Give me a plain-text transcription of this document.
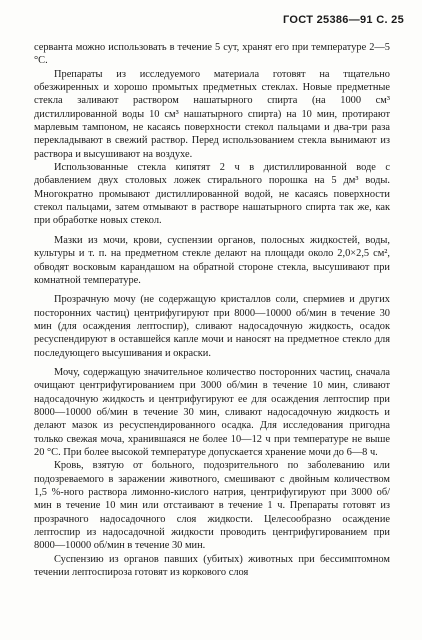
ГОСТ 25386—91 С. 25

серванта можно использовать в течение 5 сут, хранят его при температуре 2—5 °С.

Препараты из исследуемого материала готовят на тщательно обезжиренных и хорошо промытых предметных стеклах. Новые предметные стекла заливают раствором нашатырного спирта (на 1000 см³ дистиллированной воды 10 см³ нашатырного спирта) на 10 мин, протирают марлевым тампоном, не касаясь поверхности стекол пальцами и два-три раза перекладывают в свежий раствор. Перед использованием стекла вынимают из раствора и высушивают на воздухе.

Использованные стекла кипятят 2 ч в дистиллированной воде с добавлением двух столовых ложек стирального порошка на 5 дм³ воды. Многократно промывают дистиллированной водой, не касаясь поверхности стекол пальцами, затем отмывают в растворе нашатырного спирта так же, как при обработке новых стекол.

Мазки из мочи, крови, суспензии органов, полосных жидкостей, воды, культуры и т. п. на предметном стекле делают на площади около 2,0×2,5 см², обводят восковым карандашом на обратной стороне стекла, высушивают при комнатной температуре.

Прозрачную мочу (не содержащую кристаллов соли, спермиев и других посторонних частиц) центрифугируют при 8000—10000 об/мин в течение 30 мин (для осаждения лептоспир), сливают надосадочную жидкость, осадок ресуспендируют в оставшейся капле мочи и наносят на предметное стекло для последующего высушивания и окраски.

Мочу, содержащую значительное количество посторонних частиц, сначала очищают центрифугированием при 3000 об/мин в течение 10 мин, сливают надосадочную жидкость и центрифугируют ее для осаждения лептоспир при 8000—10000 об/мин в течение 30 мин, сливают надосадочную жидкость и делают мазок из ресуспендированного осадка. Для исследования пригодна только свежая моча, хранившаяся не более 10—12 ч при температуре не выше 20 °С. При более высокой температуре допускается хранение мочи до 6—8 ч.

Кровь, взятую от больного, подозрительного по заболеванию или подозреваемого в заражении животного, смешивают с двойным количеством 1,5 %-ного раствора лимонно-кислого натрия, центрифугируют при 3000 об/мин в течение 10 мин или отстаивают в течение 1 ч. Препараты готовят из прозрачного надосадочного слоя жидкости. Целесообразно осаждение лептоспир из надосадочной жидкости проводить центрифугированием при 8000—10000 об/мин в течение 30 мин.

Суспензию из органов павших (убитых) животных при бессимптомном течении лептоспироза готовят из коркового слоя
